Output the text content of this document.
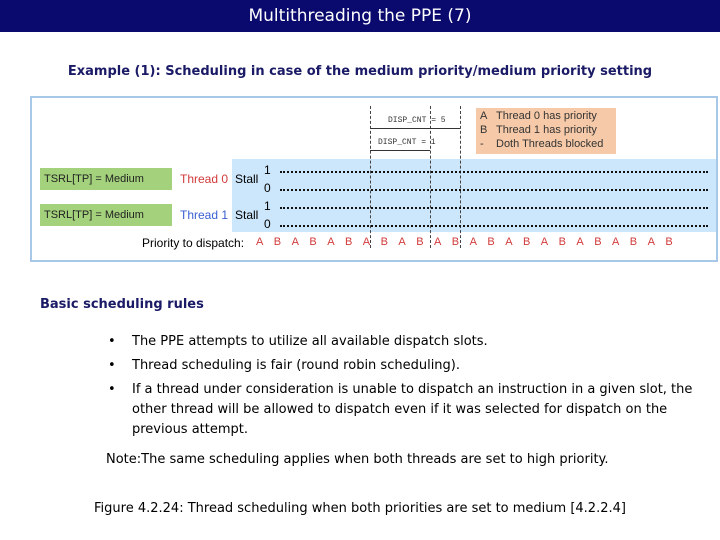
Multithreading the PPE (7)
Example (1): Scheduling in case of the medium priority/medium priority setting
DISP_CNT = 5
DISP_CNT = 1
A Thread 0 has priority
B Thread 1 has priority
- Doth Threads blocked
TSRL[TP] = Medium	Thread 0 Stall
1
0
TSRL[TP] = Medium	Thread 1 Stall
1
0
Priority to dispatch: A B A B A B A B A B A B A B A B A B A B A B A B
Basic scheduling rules
• The PPE attempts to utilize all available dispatch slots.
• Thread scheduling is fair (round robin scheduling).
• If a thread under consideration is unable to dispatch an instruction in a given slot, the other thread will be allowed to dispatch even if it was selected for dispatch on the previous attempt.
Note:The same scheduling applies when both threads are set to high priority.
Figure 4.2.24: Thread scheduling when both priorities are set to medium [4.2.2.4]
